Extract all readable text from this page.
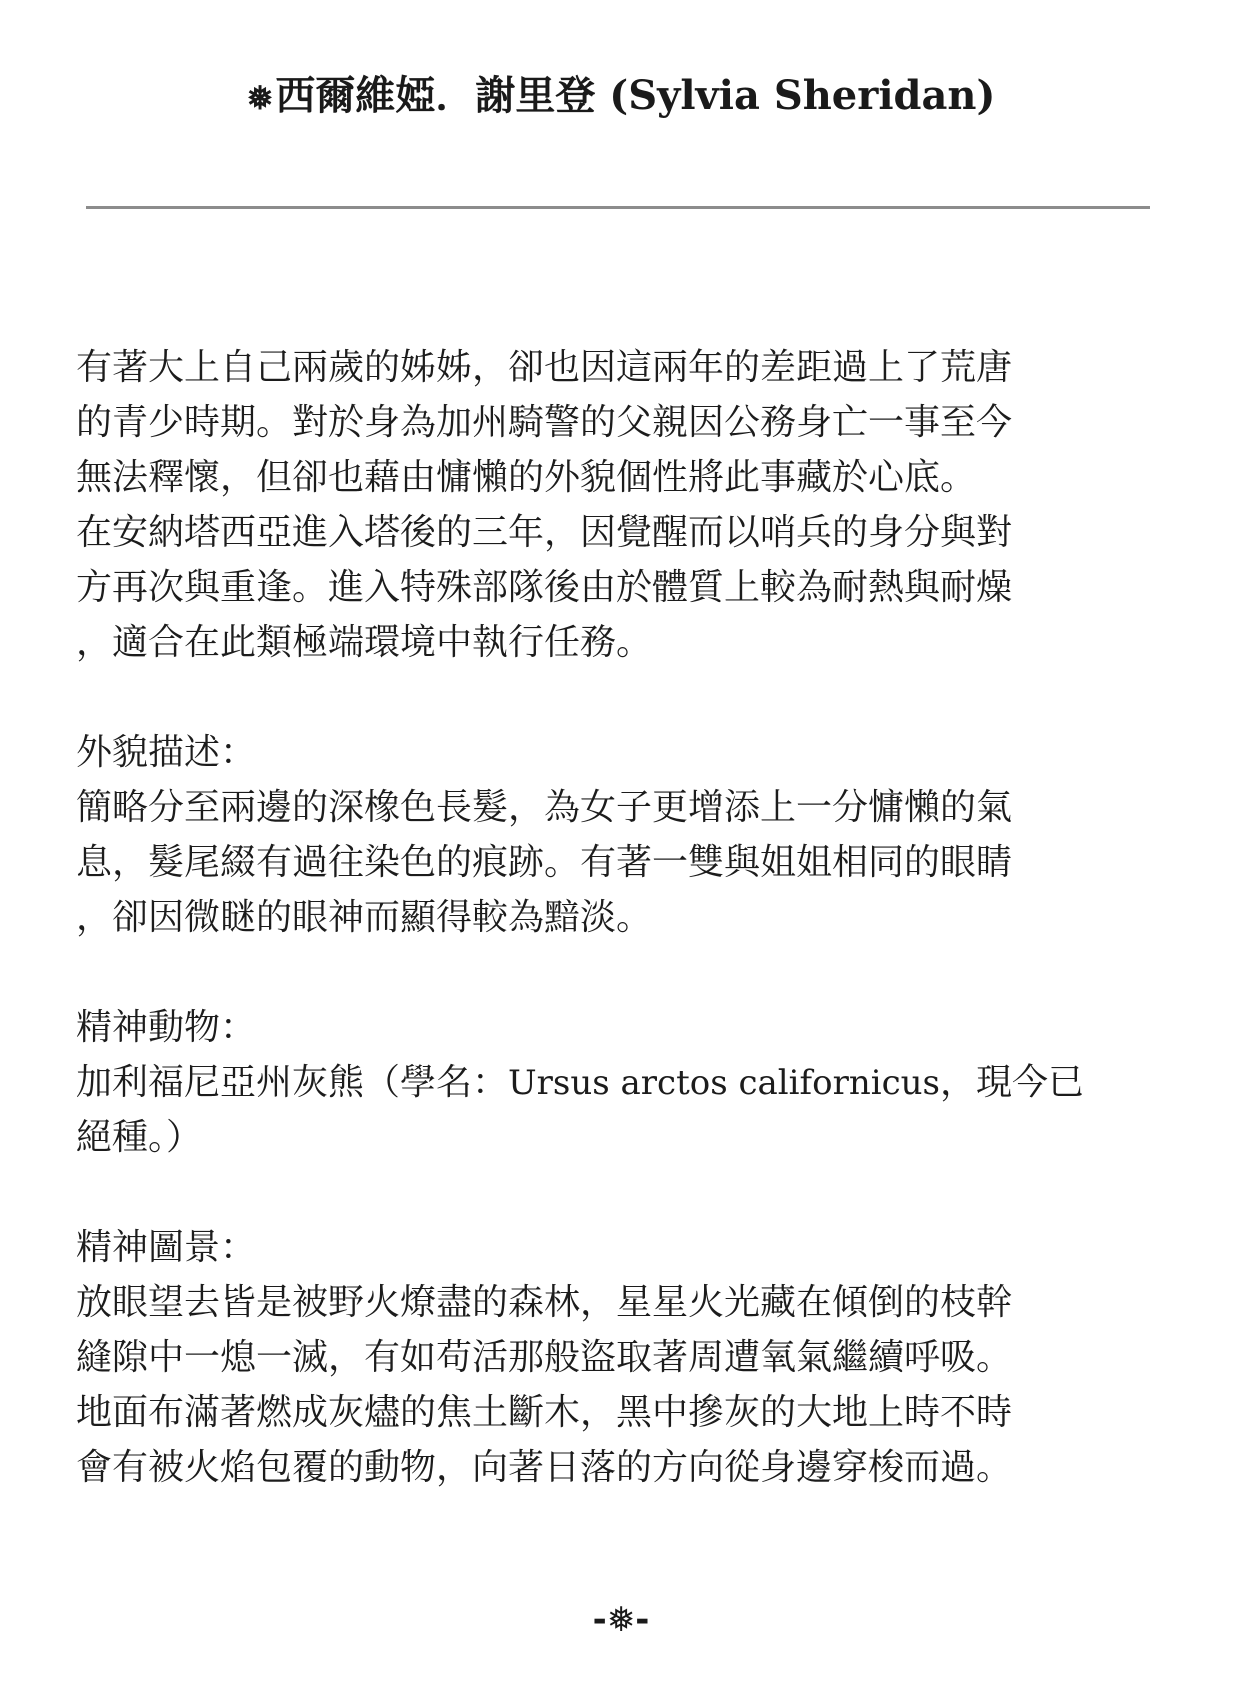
❅西爾維婭．謝里登 (Sylvia Sheridan)
有著大上自己兩歲的姊姊，卻也因這兩年的差距過上了荒唐
的青少時期。對於身為加州騎警的父親因公務身亡一事至今
無法釋懷，但卻也藉由慵懶的外貌個性將此事藏於心底。
在安納塔西亞進入塔後的三年，因覺醒而以哨兵的身分與對
方再次與重逢。進入特殊部隊後由於體質上較為耐熱與耐燥
，適合在此類極端環境中執行任務。
外貌描述：
簡略分至兩邊的深橡色長髮，為女子更增添上一分慵懶的氣
息，髮尾綴有過往染色的痕跡。有著一雙與姐姐相同的眼睛
，卻因微瞇的眼神而顯得較為黯淡。
精神動物：
加利福尼亞州灰熊（學名：Ursus arctos californicus，現今已
絕種。）
精神圖景：
放眼望去皆是被野火燎盡的森林，星星火光藏在傾倒的枝幹
縫隙中一熄一滅，有如苟活那般盜取著周遭氧氣繼續呼吸。
地面布滿著燃成灰燼的焦土斷木，黑中摻灰的大地上時不時
會有被火焰包覆的動物，向著日落的方向從身邊穿梭而過。
-❅-
